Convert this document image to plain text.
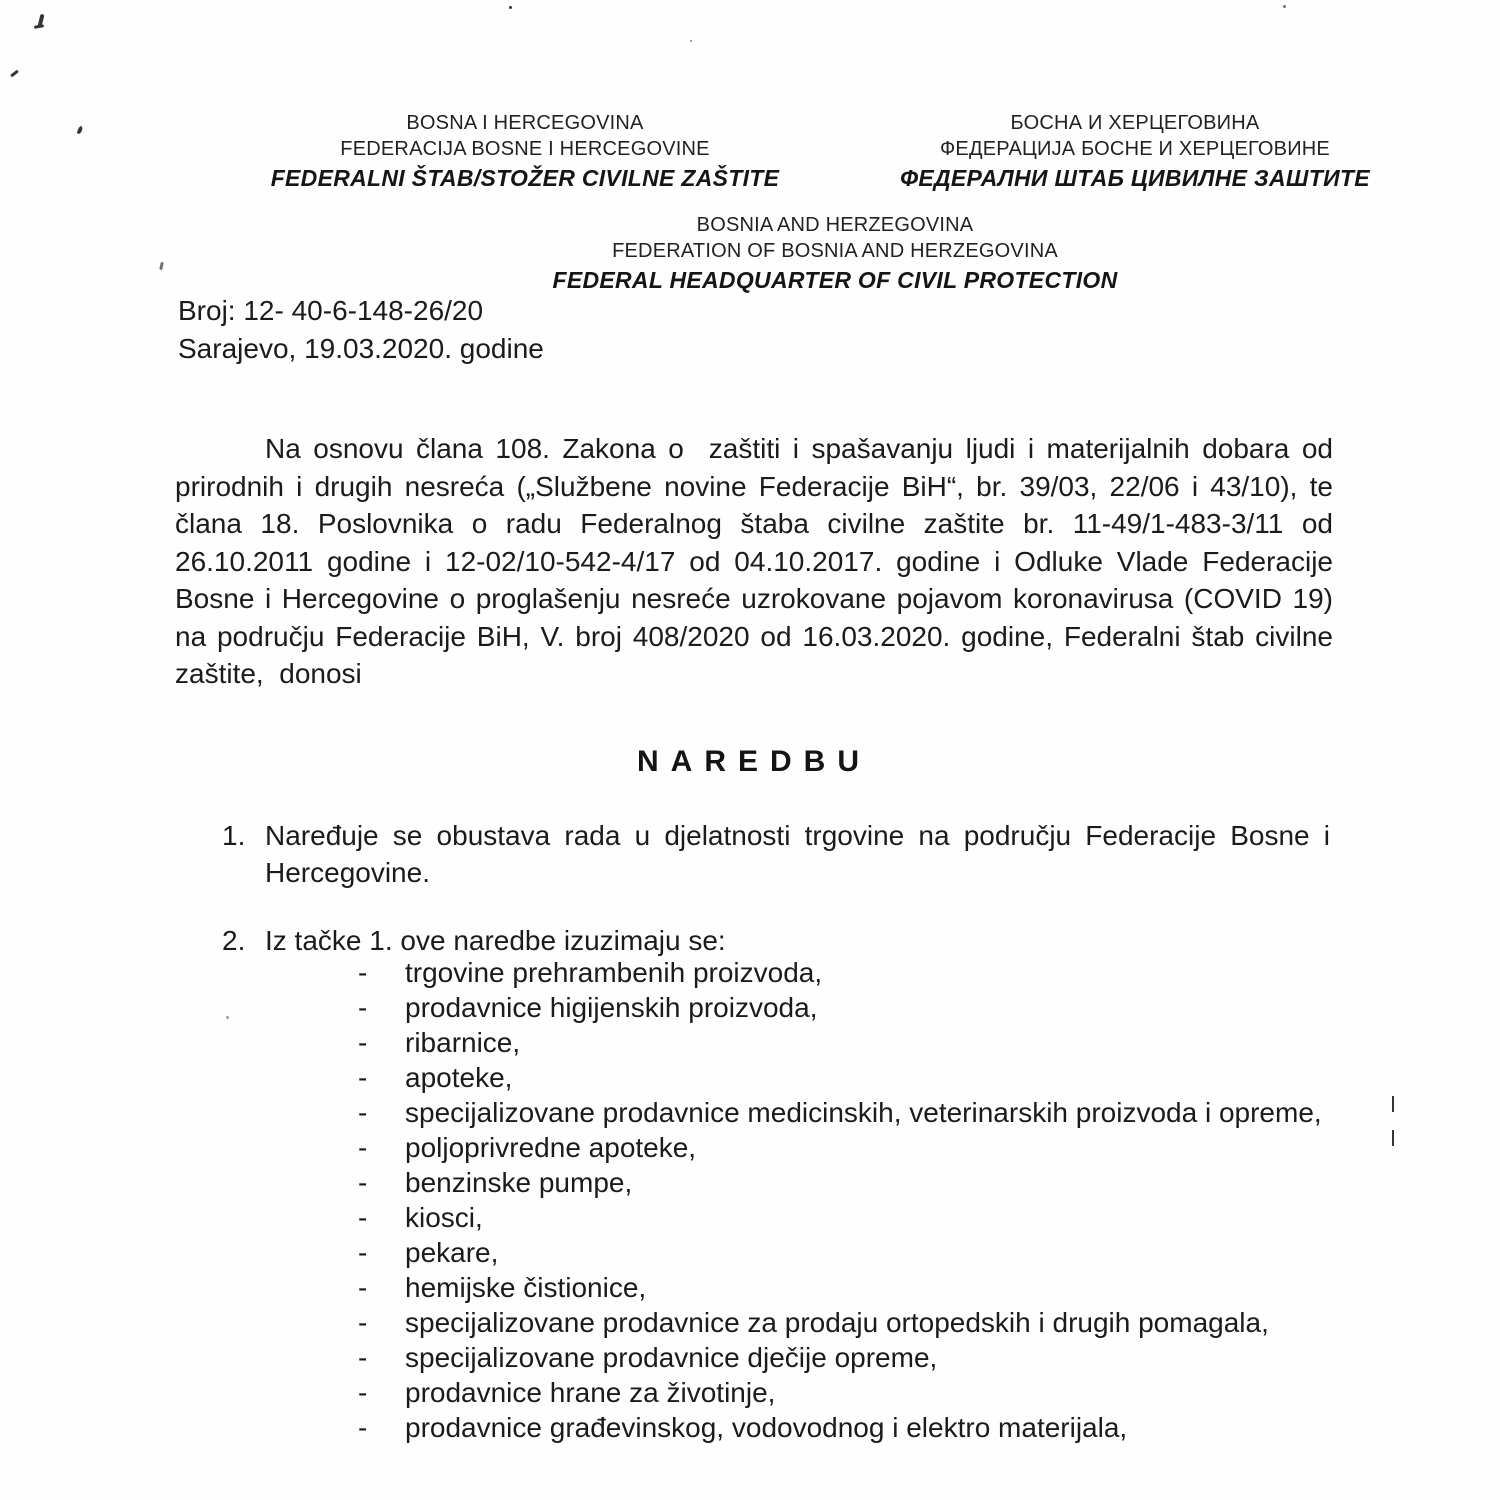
BOSNA I HERCEGOVINA
FEDERACIJA BOSNE I HERCEGOVINE
FEDERALNI ŠTAB/STOŽER CIVILNE ZAŠTITE
БОСНА И ХЕРЦЕГОВИНА
ФЕДЕРАЦИЈА БОСНЕ И ХЕРЦЕГОВИНЕ
ФЕДЕРАЛНИ ШТАБ ЦИВИЛНЕ ЗАШТИТЕ
BOSNIA AND HERZEGOVINA
FEDERATION OF BOSNIA AND HERZEGOVINA
FEDERAL HEADQUARTER OF CIVIL PROTECTION
Broj: 12- 40-6-148-26/20
Sarajevo, 19.03.2020. godine

Na osnovu člana 108. Zakona o  zaštiti i spašavanju ljudi i materijalnih dobara od prirodnih i drugih nesreća („Službene novine Federacije BiH“, br. 39/03, 22/06 i 43/10), te člana 18. Poslovnika o radu Federalnog štaba civilne zaštite br. 11-49/1-483-3/11 od 26.10.2011 godine i 12-02/10-542-4/17 od 04.10.2017. godine i Odluke Vlade Federacije Bosne i Hercegovine o proglašenju nesreće uzrokovane pojavom koronavirusa (COVID 19) na području Federacije BiH, V. broj 408/2020 od 16.03.2020. godine, Federalni štab civilne zaštite,  donosi

NAREDBU
1. Naređuje se obustava rada u djelatnosti trgovine na području Federacije Bosne i Hercegovine.
2. Iz tačke 1. ove naredbe izuzimaju se:
-	trgovine prehrambenih proizvoda,
-	prodavnice higijenskih proizvoda,
-	ribarnice,
-	apoteke,
-	specijalizovane prodavnice medicinskih, veterinarskih proizvoda i opreme,
-	poljoprivredne apoteke,
-	benzinske pumpe,
-	kiosci,
-	pekare,
-	hemijske čistionice,
-	specijalizovane prodavnice za prodaju ortopedskih i drugih pomagala,
-	specijalizovane prodavnice dječije opreme,
-	prodavnice hrane za životinje,
-	prodavnice građevinskog, vodovodnog i elektro materijala,
